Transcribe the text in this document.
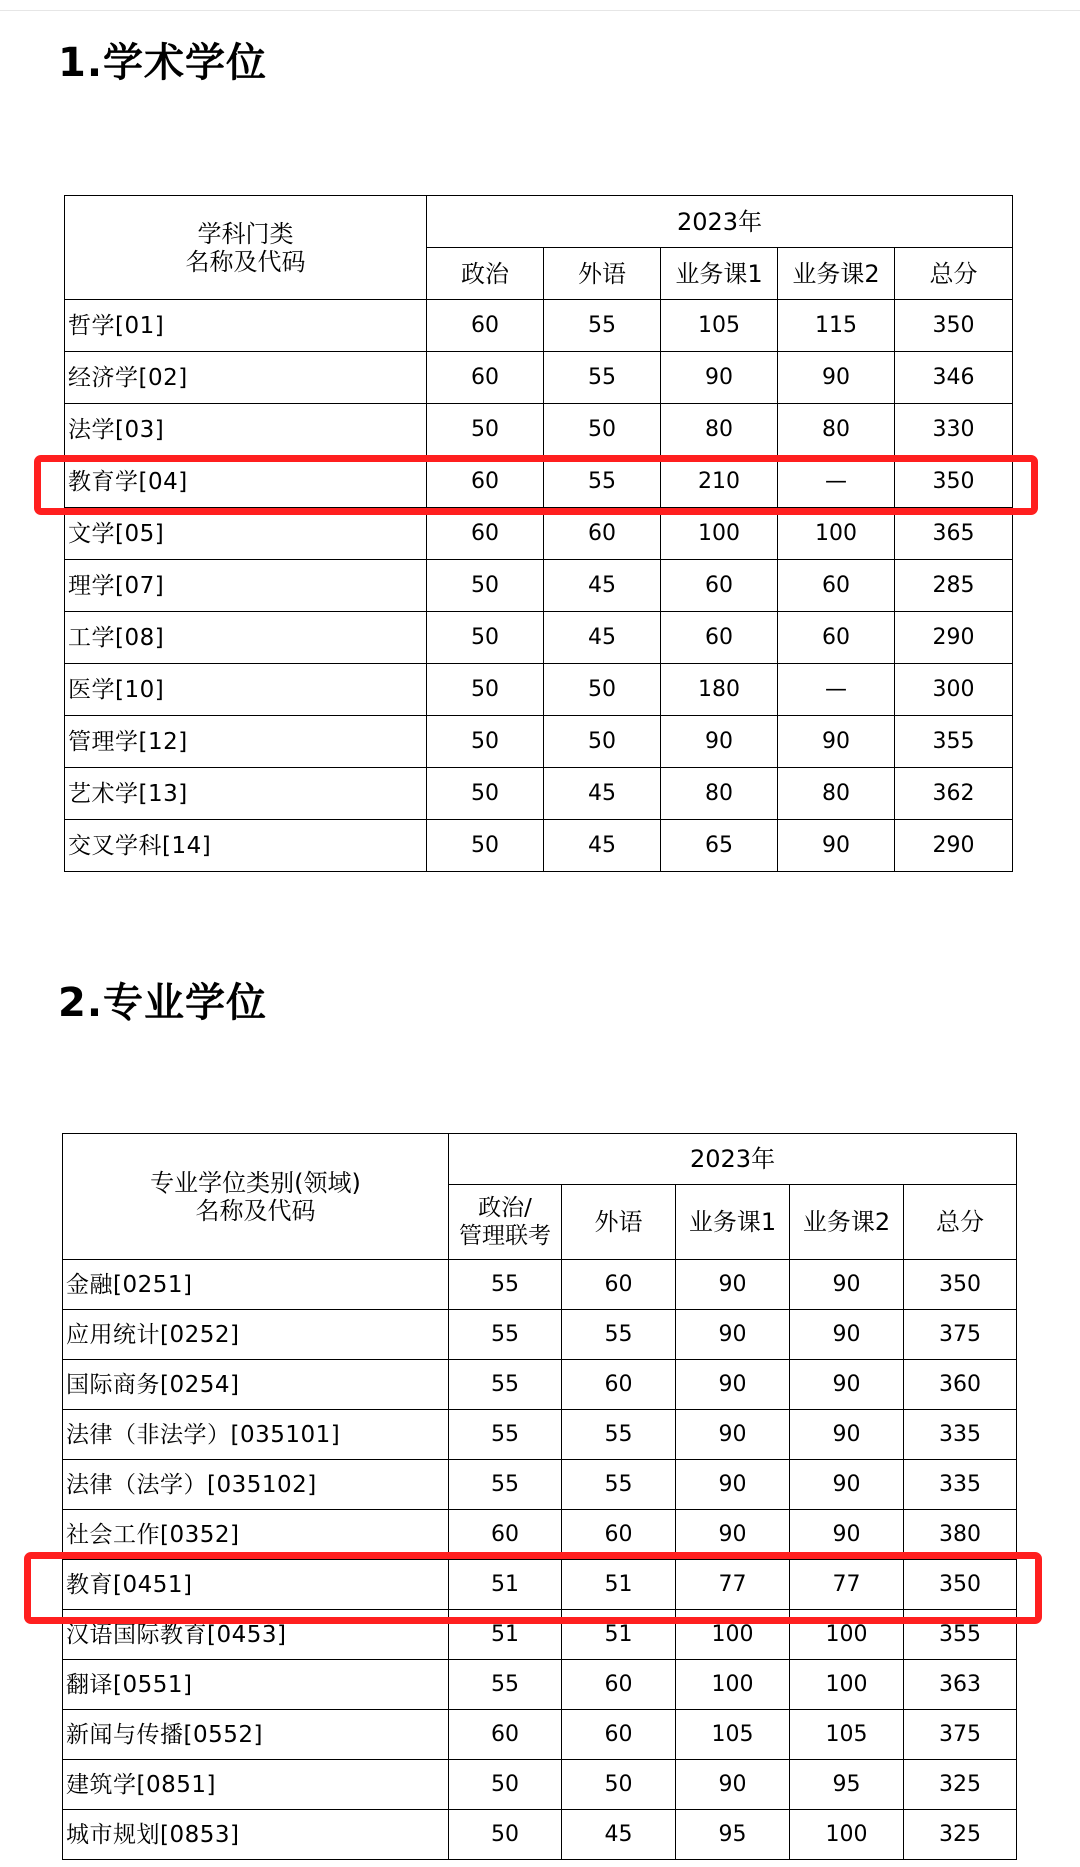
1.学术学位
学科门类
名称及代码	2023年				
	政治	外语	业务课1	业务课2	总分
哲学[01]	60	55	105	115	350
经济学[02]	60	55	90	90	346
法学[03]	50	50	80	80	330
教育学[04]	60	55	210	—	350
文学[05]	60	60	100	100	365
理学[07]	50	45	60	60	285
工学[08]	50	45	60	60	290
医学[10]	50	50	180	—	300
管理学[12]	50	50	90	90	355
艺术学[13]	50	45	80	80	362
交叉学科[14]	50	45	65	90	290
2.专业学位
专业学位类别(领域)
名称及代码	2023年				

	政治/
管理联考	外语	业务课1	业务课2	总分
金融[0251]	55	60	90	90	350
应用统计[0252]	55	55	90	90	375
国际商务[0254]	55	60	90	90	360
法律（非法学）[035101]	55	55	90	90	335
法律（法学）[035102]	55	55	90	90	335
社会工作[0352]	60	60	90	90	380
教育[0451]	51	51	77	77	350
汉语国际教育[0453]	51	51	100	100	355
翻译[0551]	55	60	100	100	363
新闻与传播[0552]	60	60	105	105	375
建筑学[0851]	50	50	90	95	325
城市规划[0853]	50	45	95	100	325
